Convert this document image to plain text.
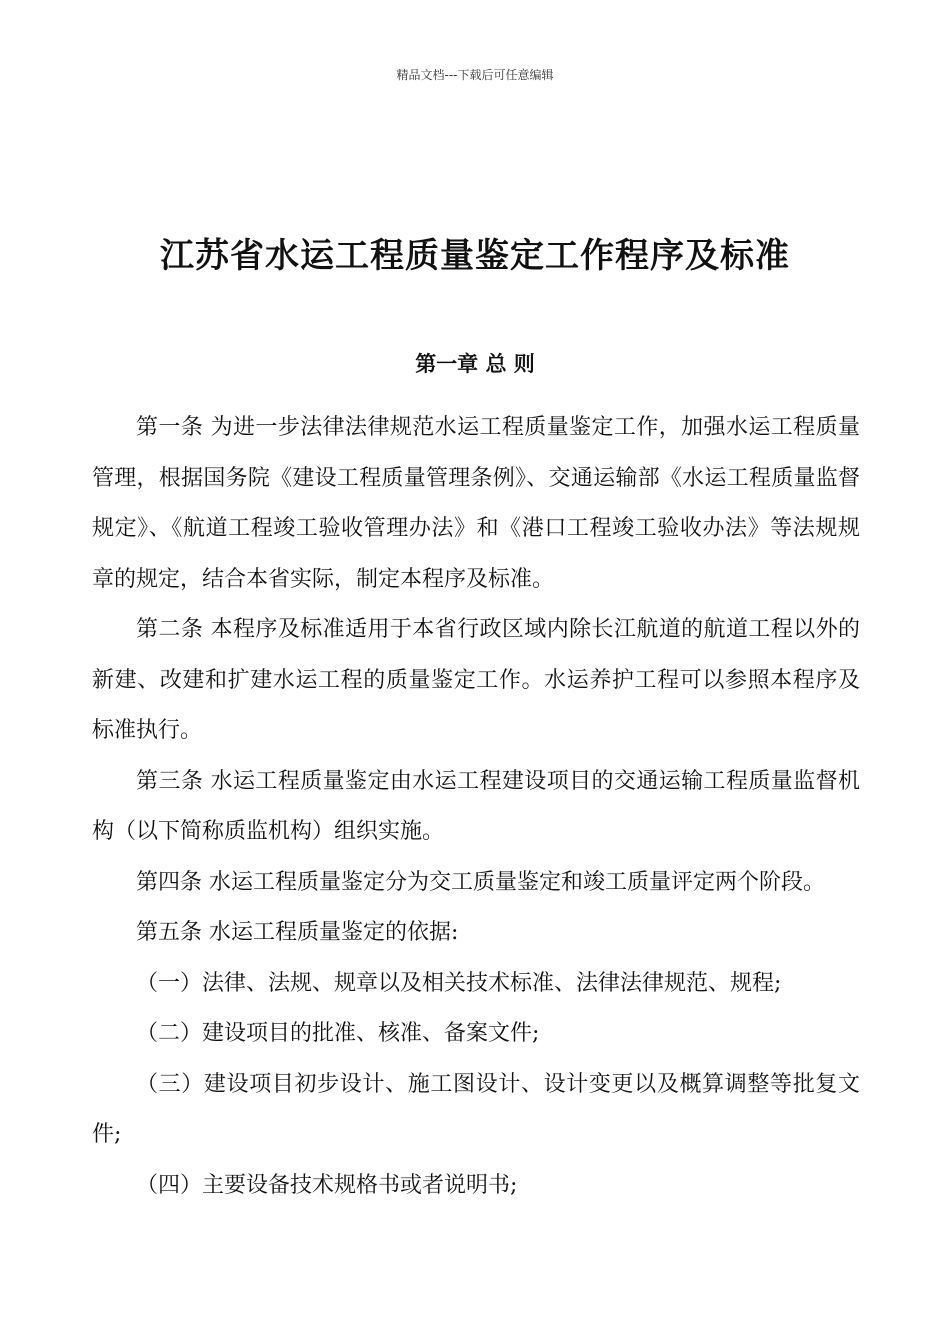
精品文档---下载后可任意编辑
江苏省水运工程质量鉴定工作程序及标准
第一章 总 则

第一条 为进一步法律法律规范水运工程质量鉴定工作，加强水运工程质量管理，根据国务院《建设工程质量管理条例》、交通运输部《水运工程质量监督规定》、《航道工程竣工验收管理办法》和《港口工程竣工验收办法》等法规规章的规定，结合本省实际，制定本程序及标准。

第二条 本程序及标准适用于本省行政区域内除长江航道的航道工程以外的新建、改建和扩建水运工程的质量鉴定工作。水运养护工程可以参照本程序及标准执行。

第三条 水运工程质量鉴定由水运工程建设项目的交通运输工程质量监督机构（以下简称质监机构）组织实施。

第四条 水运工程质量鉴定分为交工质量鉴定和竣工质量评定两个阶段。

第五条 水运工程质量鉴定的依据:

（一）法律、法规、规章以及相关技术标准、法律法律规范、规程;

（二）建设项目的批准、核准、备案文件;

（三）建设项目初步设计、施工图设计、设计变更以及概算调整等批复文件;

（四）主要设备技术规格书或者说明书;
